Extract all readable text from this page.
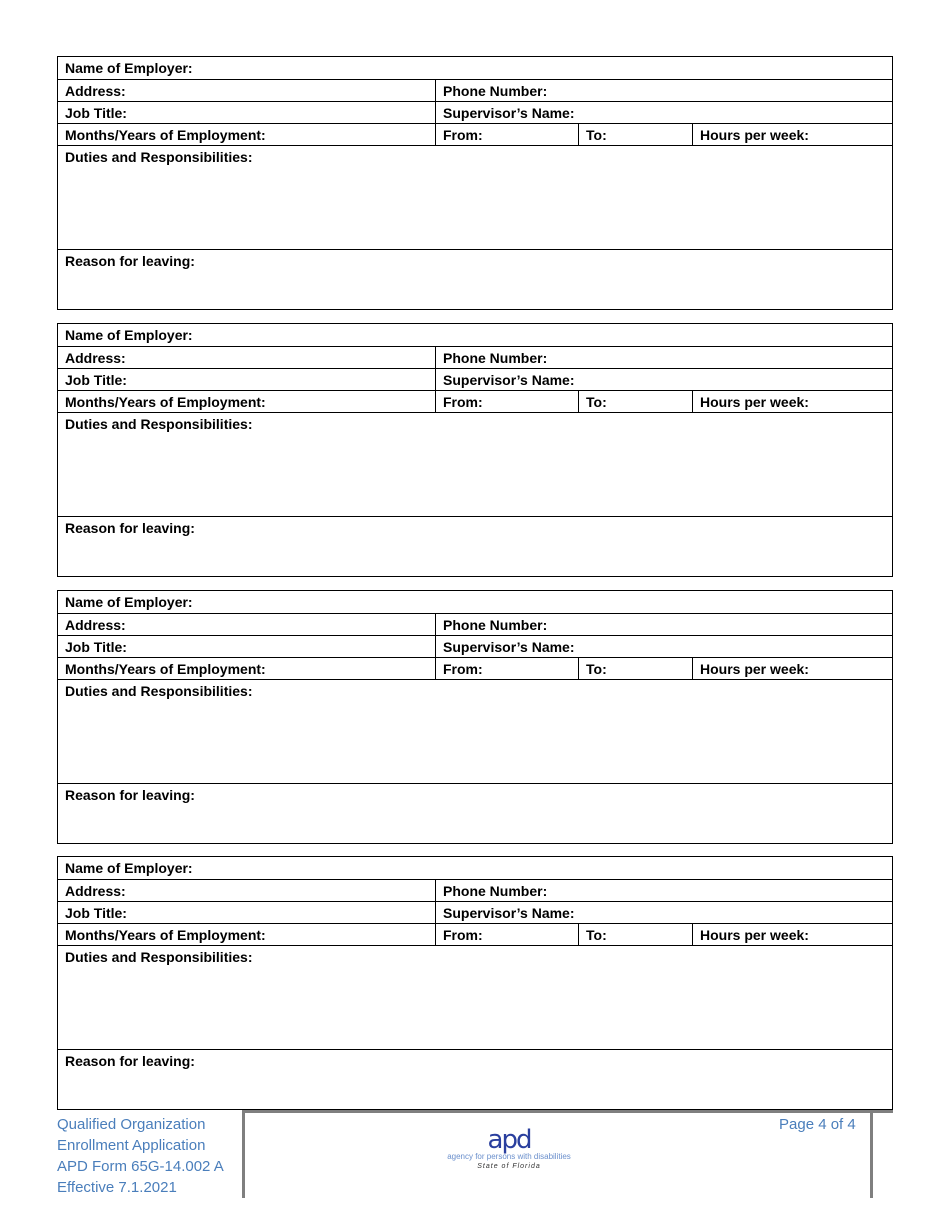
Name of Employer:
Address:	Phone Number:
Job Title:	Supervisor’s Name:
Months/Years of Employment:	From:	To:	Hours per week:
Duties and Responsibilities:
Reason for leaving:
Name of Employer:
Address:	Phone Number:
Job Title:	Supervisor’s Name:
Months/Years of Employment:	From:	To:	Hours per week:
Duties and Responsibilities:
Reason for leaving:
Name of Employer:
Address:	Phone Number:
Job Title:	Supervisor’s Name:
Months/Years of Employment:	From:	To:	Hours per week:
Duties and Responsibilities:
Reason for leaving:
Name of Employer:
Address:	Phone Number:
Job Title:	Supervisor’s Name:
Months/Years of Employment:	From:	To:	Hours per week:
Duties and Responsibilities:
Reason for leaving:
Qualified Organization
Enrollment Application
APD Form 65G-14.002 A
Effective 7.1.2021
apd
agency for persons with disabilities
State of Florida
Page 4 of 4
